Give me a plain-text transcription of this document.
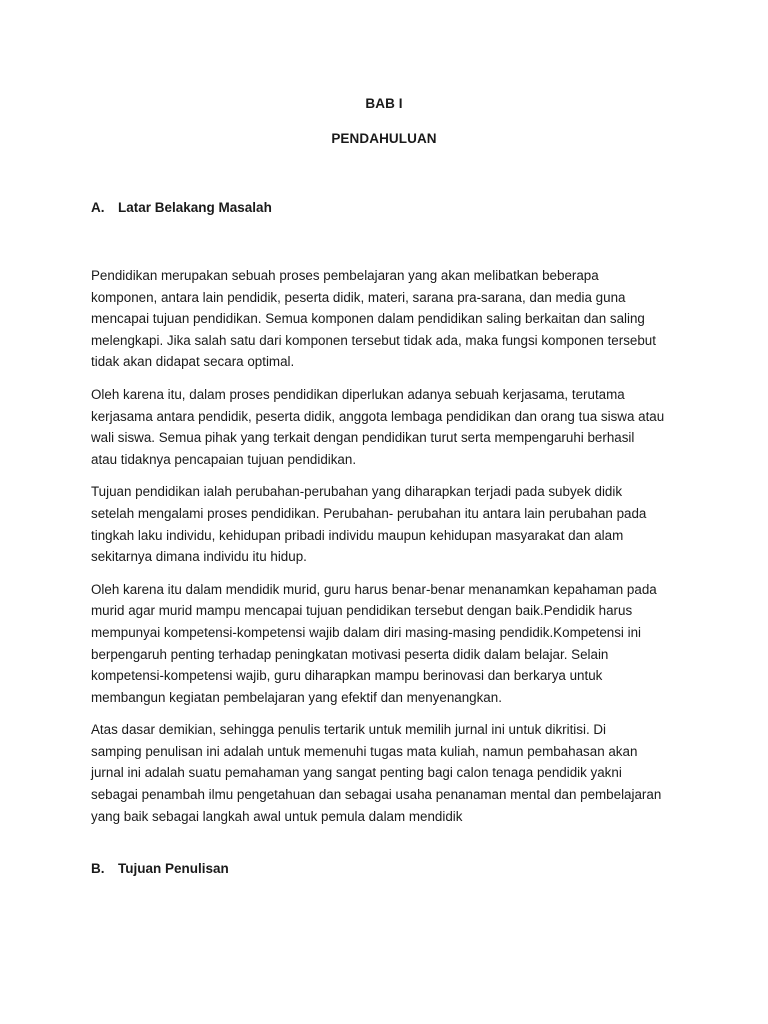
BAB I
PENDAHULUAN
A. Latar Belakang Masalah
Pendidikan merupakan sebuah proses pembelajaran yang akan melibatkan beberapa
komponen, antara lain pendidik, peserta didik, materi, sarana pra-sarana, dan media guna
mencapai tujuan pendidikan. Semua komponen dalam pendidikan saling berkaitan dan saling
melengkapi. Jika salah satu dari komponen tersebut tidak ada, maka fungsi komponen tersebut
tidak akan didapat secara optimal.
Oleh karena itu, dalam proses pendidikan diperlukan adanya sebuah kerjasama, terutama
kerjasama antara pendidik, peserta didik, anggota lembaga pendidikan dan orang tua siswa atau
wali siswa. Semua pihak yang terkait dengan pendidikan turut serta mempengaruhi berhasil
atau tidaknya pencapaian tujuan pendidikan.
Tujuan pendidikan ialah perubahan-perubahan yang diharapkan terjadi pada subyek didik
setelah mengalami proses pendidikan. Perubahan- perubahan itu antara lain perubahan pada
tingkah laku individu, kehidupan pribadi individu maupun kehidupan masyarakat dan alam
sekitarnya dimana individu itu hidup.
Oleh karena itu dalam mendidik murid, guru harus benar-benar menanamkan kepahaman pada
murid agar murid mampu mencapai tujuan pendidikan tersebut dengan baik.Pendidik harus
mempunyai kompetensi-kompetensi wajib dalam diri masing-masing pendidik.Kompetensi ini
berpengaruh penting terhadap peningkatan motivasi peserta didik dalam belajar. Selain
kompetensi-kompetensi wajib, guru diharapkan mampu berinovasi dan berkarya untuk
membangun kegiatan pembelajaran yang efektif dan menyenangkan.
Atas dasar demikian, sehingga penulis tertarik untuk memilih jurnal ini untuk dikritisi. Di
samping penulisan ini adalah untuk memenuhi tugas mata kuliah, namun pembahasan akan
jurnal ini adalah suatu pemahaman yang sangat penting bagi calon tenaga pendidik yakni
sebagai penambah ilmu pengetahuan dan sebagai usaha penanaman mental dan pembelajaran
yang baik sebagai langkah awal untuk pemula dalam mendidik
B. Tujuan Penulisan
